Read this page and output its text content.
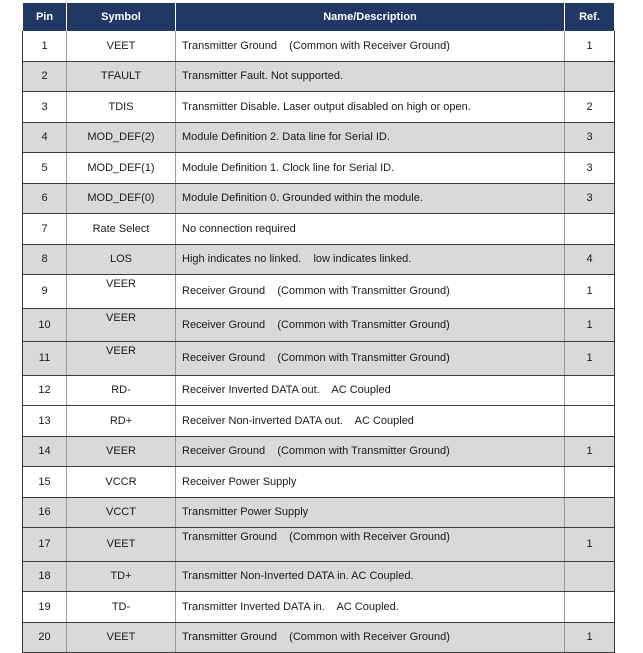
Pin	Symbol	Name/Description	Ref.
1	VEET	Transmitter Ground    (Common with Receiver Ground)	1
2	TFAULT	Transmitter Fault. Not supported.	
3	TDIS	Transmitter Disable. Laser output disabled on high or open.	2
4	MOD_DEF(2)	Module Definition 2. Data line for Serial ID.	3
5	MOD_DEF(1)	Module Definition 1. Clock line for Serial ID.	3
6	MOD_DEF(0)	Module Definition 0. Grounded within the module.	3
7	Rate Select	No connection required	
8	LOS	High indicates no linked.    low indicates linked.	4
9	VEER	Receiver Ground    (Common with Transmitter Ground)	1
10	VEER	Receiver Ground    (Common with Transmitter Ground)	1
11	VEER	Receiver Ground    (Common with Transmitter Ground)	1
12	RD-	Receiver Inverted DATA out.    AC Coupled	
13	RD+	Receiver Non-inverted DATA out.    AC Coupled	
14	VEER	Receiver Ground    (Common with Transmitter Ground)	1
15	VCCR	Receiver Power Supply	
16	VCCT	Transmitter Power Supply	
17	VEET	Transmitter Ground    (Common with Receiver Ground)	1
18	TD+	Transmitter Non-Inverted DATA in. AC Coupled.	
19	TD-	Transmitter Inverted DATA in.    AC Coupled.	
20	VEET	Transmitter Ground    (Common with Receiver Ground)	1
